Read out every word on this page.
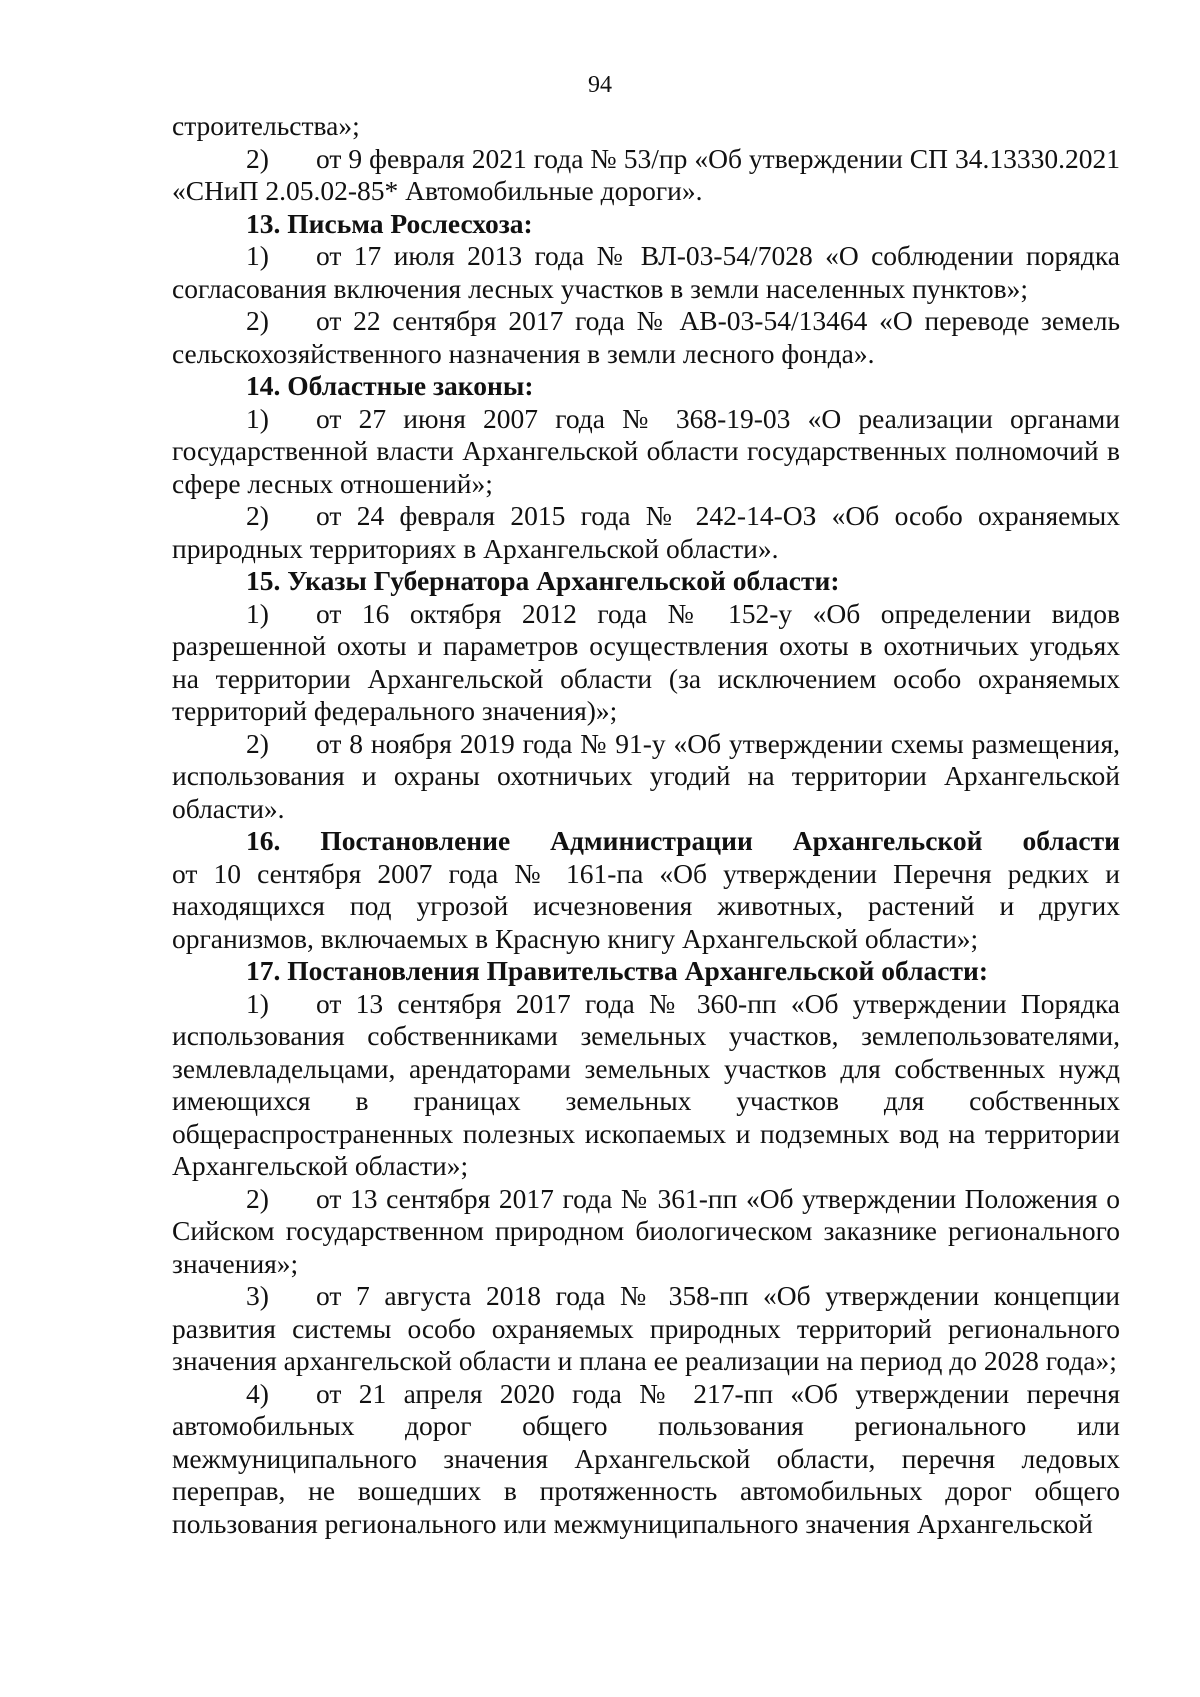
94

строительства»;

2) от 9 февраля 2021 года № 53/пр «Об утверждении СП 34.13330.2021 «СНиП 2.05.02-85* Автомобильные дороги».

13. Письма Рослесхоза:

1) от 17 июля 2013 года № ВЛ-03-54/7028 «О соблюдении порядка согласования включения лесных участков в земли населенных пунктов»;

2) от 22 сентября 2017 года № АВ-03-54/13464 «О переводе земель сельскохозяйственного назначения в земли лесного фонда».

14. Областные законы:

1) от 27 июня 2007 года № 368-19-03 «О реализации органами государственной власти Архангельской области государственных полномочий в сфере лесных отношений»;

2) от 24 февраля 2015 года № 242-14-ОЗ «Об особо охраняемых природных территориях в Архангельской области».

15. Указы Губернатора Архангельской области:

1) от 16 октября 2012 года № 152-у «Об определении видов разрешенной охоты и параметров осуществления охоты в охотничьих угодьях на территории Архангельской области (за исключением особо охраняемых территорий федерального значения)»;

2) от 8 ноября 2019 года № 91-у «Об утверждении схемы размещения, использования и охраны охотничьих угодий на территории Архангельской области».

16. Постановление Администрации Архангельской области

от 10 сентября 2007 года № 161-па «Об утверждении Перечня редких и находящихся под угрозой исчезновения животных, растений и других организмов, включаемых в Красную книгу Архангельской области»;

17. Постановления Правительства Архангельской области:

1) от 13 сентября 2017 года № 360-пп «Об утверждении Порядка использования собственниками земельных участков, землепользователями, землевладельцами, арендаторами земельных участков для собственных нужд имеющихся в границах земельных участков для собственных общераспространенных полезных ископаемых и подземных вод на территории Архангельской области»;

2) от 13 сентября 2017 года № 361-пп «Об утверждении Положения о Сийском государственном природном биологическом заказнике регионального значения»;

3) от 7 августа 2018 года № 358-пп «Об утверждении концепции развития системы особо охраняемых природных территорий регионального значения архангельской области и плана ее реализации на период до 2028 года»;

4) от 21 апреля 2020 года № 217-пп «Об утверждении перечня автомобильных дорог общего пользования регионального или межмуниципального значения Архангельской области, перечня ледовых переправ, не вошедших в протяженность автомобильных дорог общего пользования регионального или межмуниципального значения Архангельской
